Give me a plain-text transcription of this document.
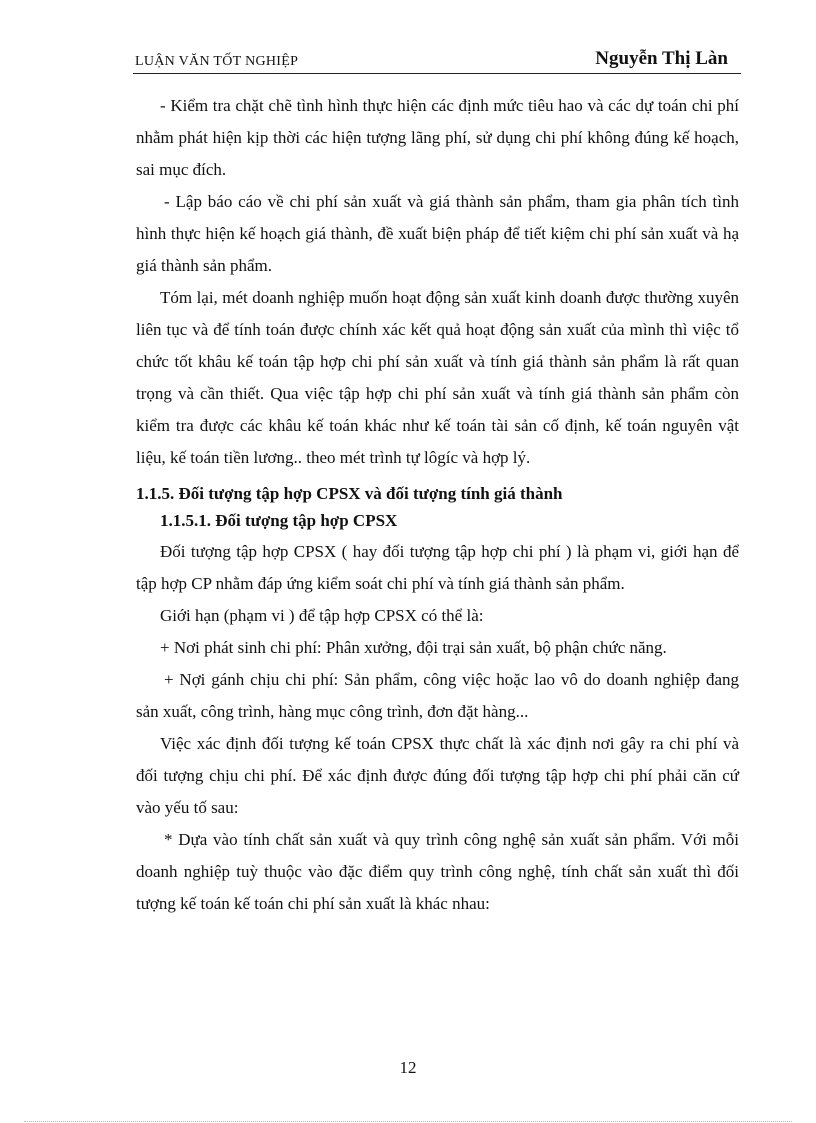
LUẬN VĂN TỐT NGHIỆP	Nguyễn Thị Làn

- Kiểm tra chặt chẽ tình hình thực hiện các định mức tiêu hao và các dự toán chi phí nhằm phát hiện kịp thời các hiện tượng lãng phí, sử dụng chi phí không đúng kế hoạch, sai mục đích.

- Lập báo cáo về chi phí sản xuất và giá thành sản phẩm, tham gia phân tích tình hình thực hiện kế hoạch giá thành, đề xuất biện pháp để tiết kiệm chi phí sản xuất và hạ giá thành sản phẩm.

Tóm lại, mét doanh nghiệp muốn hoạt động sản xuất kinh doanh được thường xuyên liên tục và để tính toán được chính xác kết quả hoạt động sản xuất của mình thì việc tổ chức tốt khâu kế toán tập hợp chi phí sản xuất và tính giá thành sản phẩm là rất quan trọng và cần thiết. Qua việc tập hợp chi phí sản xuất và tính giá thành sản phẩm còn kiểm tra được các khâu kế toán khác như kế toán tài sản cố định, kế toán nguyên vật liệu, kế toán tiền lương.. theo mét trình tự lôgíc và hợp lý.

1.1.5. Đối tượng tập hợp CPSX và đối tượng tính giá thành

1.1.5.1. Đối tượng tập hợp CPSX

Đối tượng tập hợp CPSX ( hay đối tượng tập hợp chi phí ) là phạm vi, giới hạn để tập hợp CP nhằm đáp ứng kiểm soát chi phí và tính giá thành sản phẩm.

Giới hạn (phạm vi ) để tập hợp CPSX có thể là:

+ Nơi phát sinh chi phí: Phân xưởng, đội trại sản xuất, bộ phận chức năng.

+ Nợi gánh chịu chi phí: Sản phẩm, công việc hoặc lao vô do doanh nghiệp đang sản xuất, công trình, hàng mục công trình, đơn đặt hàng...

Việc xác định đối tượng kế toán CPSX thực chất là xác định nơi gây ra chi phí và đối tượng chịu chi phí. Để xác định được đúng đối tượng tập hợp chi phí phải căn cứ vào yếu tố sau:

* Dựa vào tính chất sản xuất và quy trình công nghệ sản xuất sản phẩm. Với mỗi doanh nghiệp tuỳ thuộc vào đặc điểm quy trình công nghệ, tính chất sản xuất thì đối tượng kế toán kế toán chi phí sản xuất là khác nhau:

12
